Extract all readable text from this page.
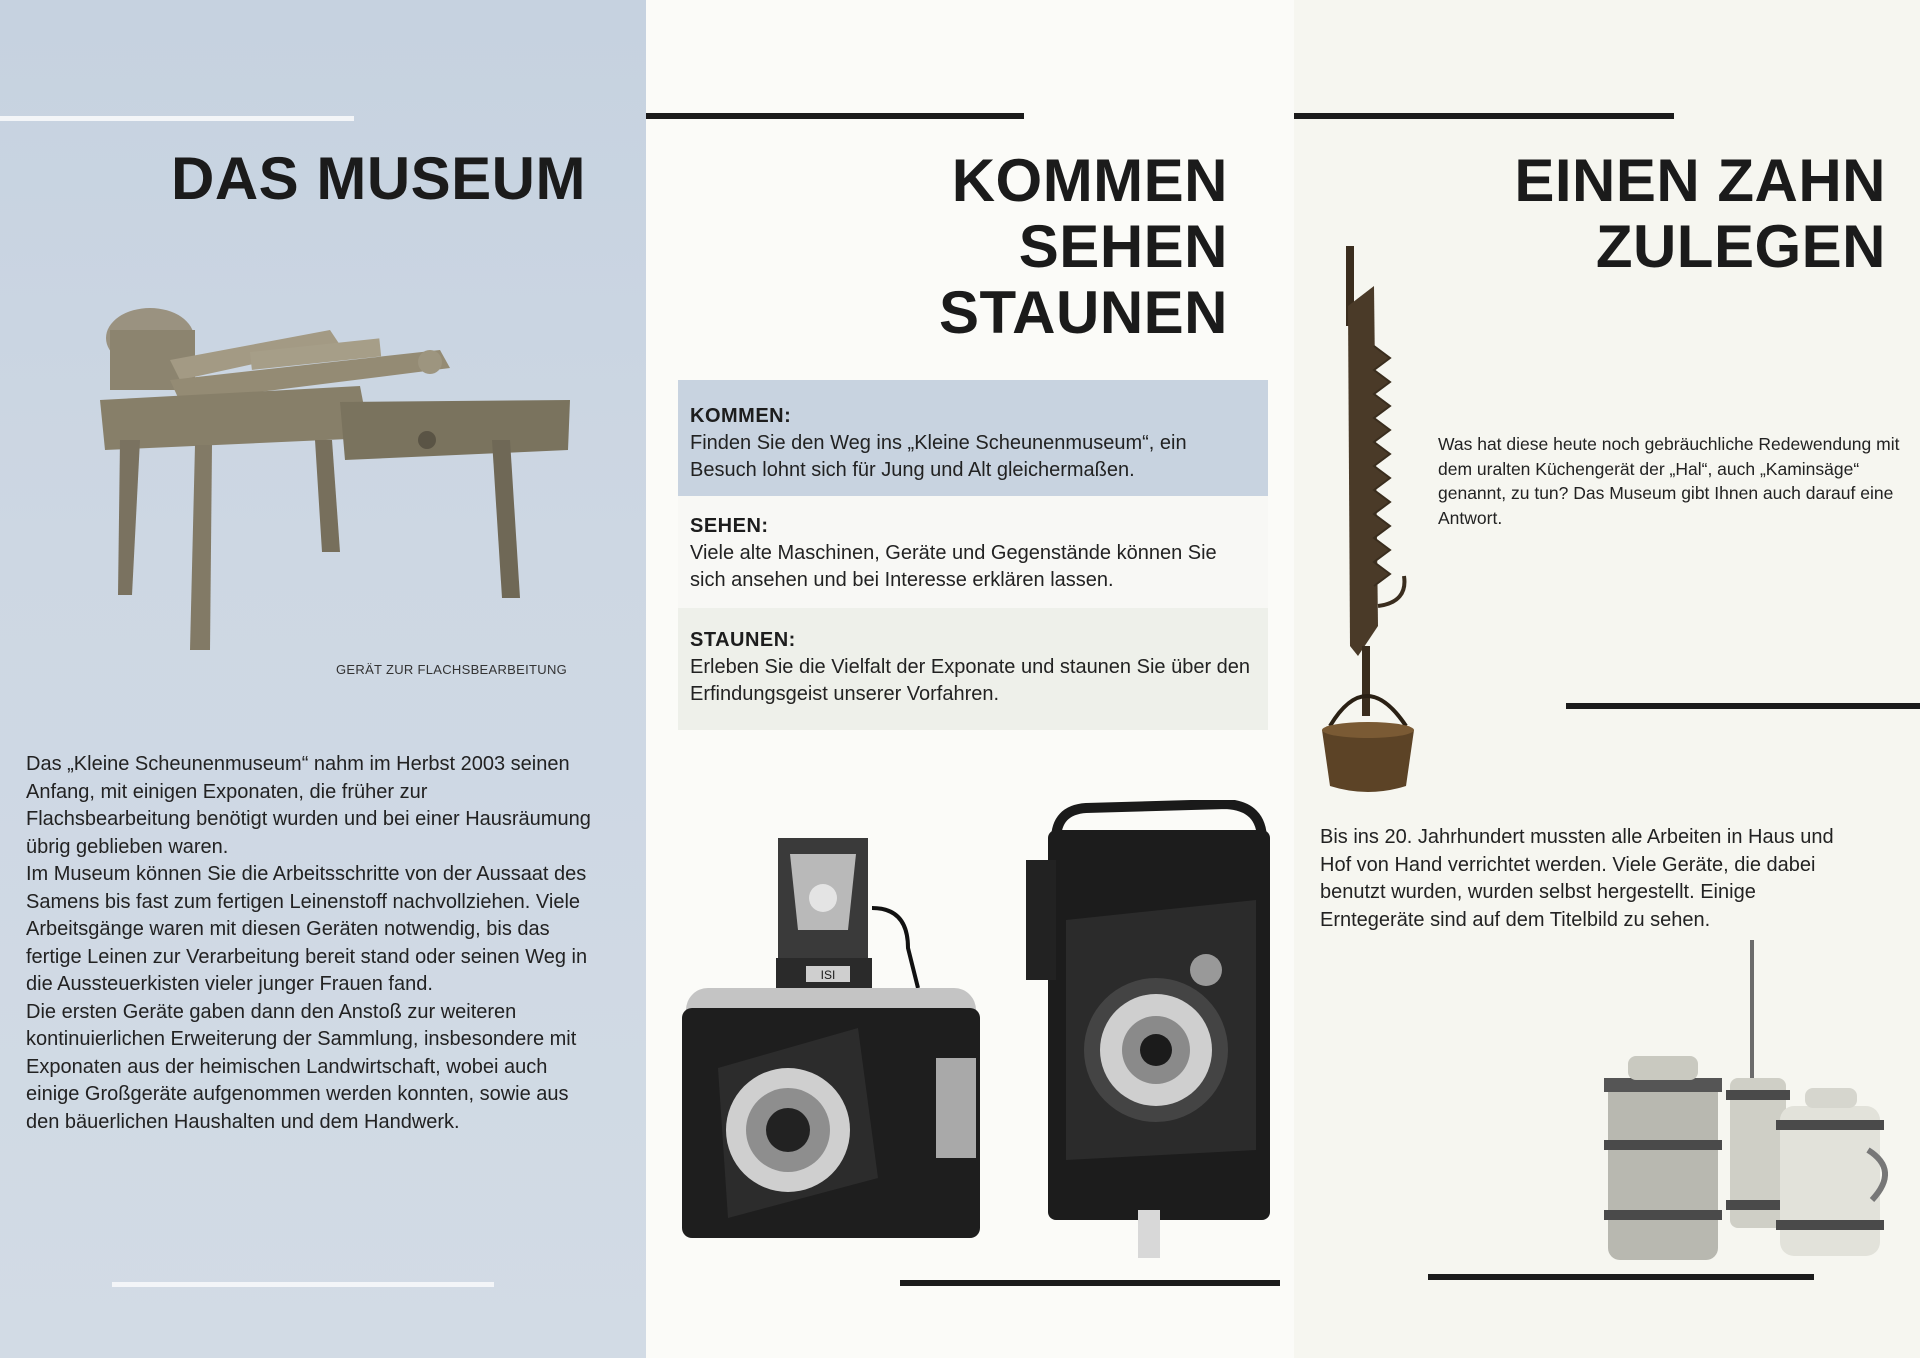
DAS MUSEUM
GERÄT ZUR FLACHSBEARBEITUNG

Das „Kleine Scheunenmuseum“ nahm im Herbst 2003 seinen Anfang, mit einigen Exponaten, die früher zur Flachsbearbeitung benötigt wurden und bei einer Hausräumung übrig geblieben waren.

Im Museum können Sie die Arbeitsschritte von der Aussaat des Samens bis fast zum fertigen Leinenstoff nachvollziehen. Viele Arbeitsgänge waren mit diesen Geräten notwendig, bis das fertige Leinen zur Verarbeitung bereit stand oder seinen Weg in die Aussteuerkisten vieler junger Frauen fand.

Die ersten Geräte gaben dann den Anstoß zur weiteren kontinuierlichen Erweiterung der Sammlung, insbesondere mit Exponaten aus der heimischen Landwirtschaft, wobei auch einige Großgeräte aufgenommen werden konnten, sowie aus den bäuerlichen Haushalten und dem Handwerk.

KOMMEN
SEHEN
STAUNEN
KOMMEN:
Finden Sie den Weg ins „Kleine Scheunenmuseum“, ein Besuch lohnt sich für Jung und Alt gleichermaßen.
SEHEN:
Viele alte Maschinen, Geräte und Gegenstände können Sie sich ansehen und bei Interesse erklären lassen.
STAUNEN:
Erleben Sie die Vielfalt der Exponate und staunen Sie über den Erfindungsgeist unserer Vorfahren.
ISI
EINEN ZAHN
ZULEGEN
Was hat diese heute noch gebräuchliche Redewendung mit dem uralten Küchengerät der „Hal“, auch „Kaminsäge“ genannt, zu tun? Das Museum gibt Ihnen auch darauf eine Antwort.
Bis ins 20. Jahrhundert mussten alle Arbeiten in Haus und Hof von Hand verrichtet werden. Viele Geräte, die dabei benutzt wurden, wurden selbst hergestellt. Einige Erntegeräte sind auf dem Titelbild zu sehen.
